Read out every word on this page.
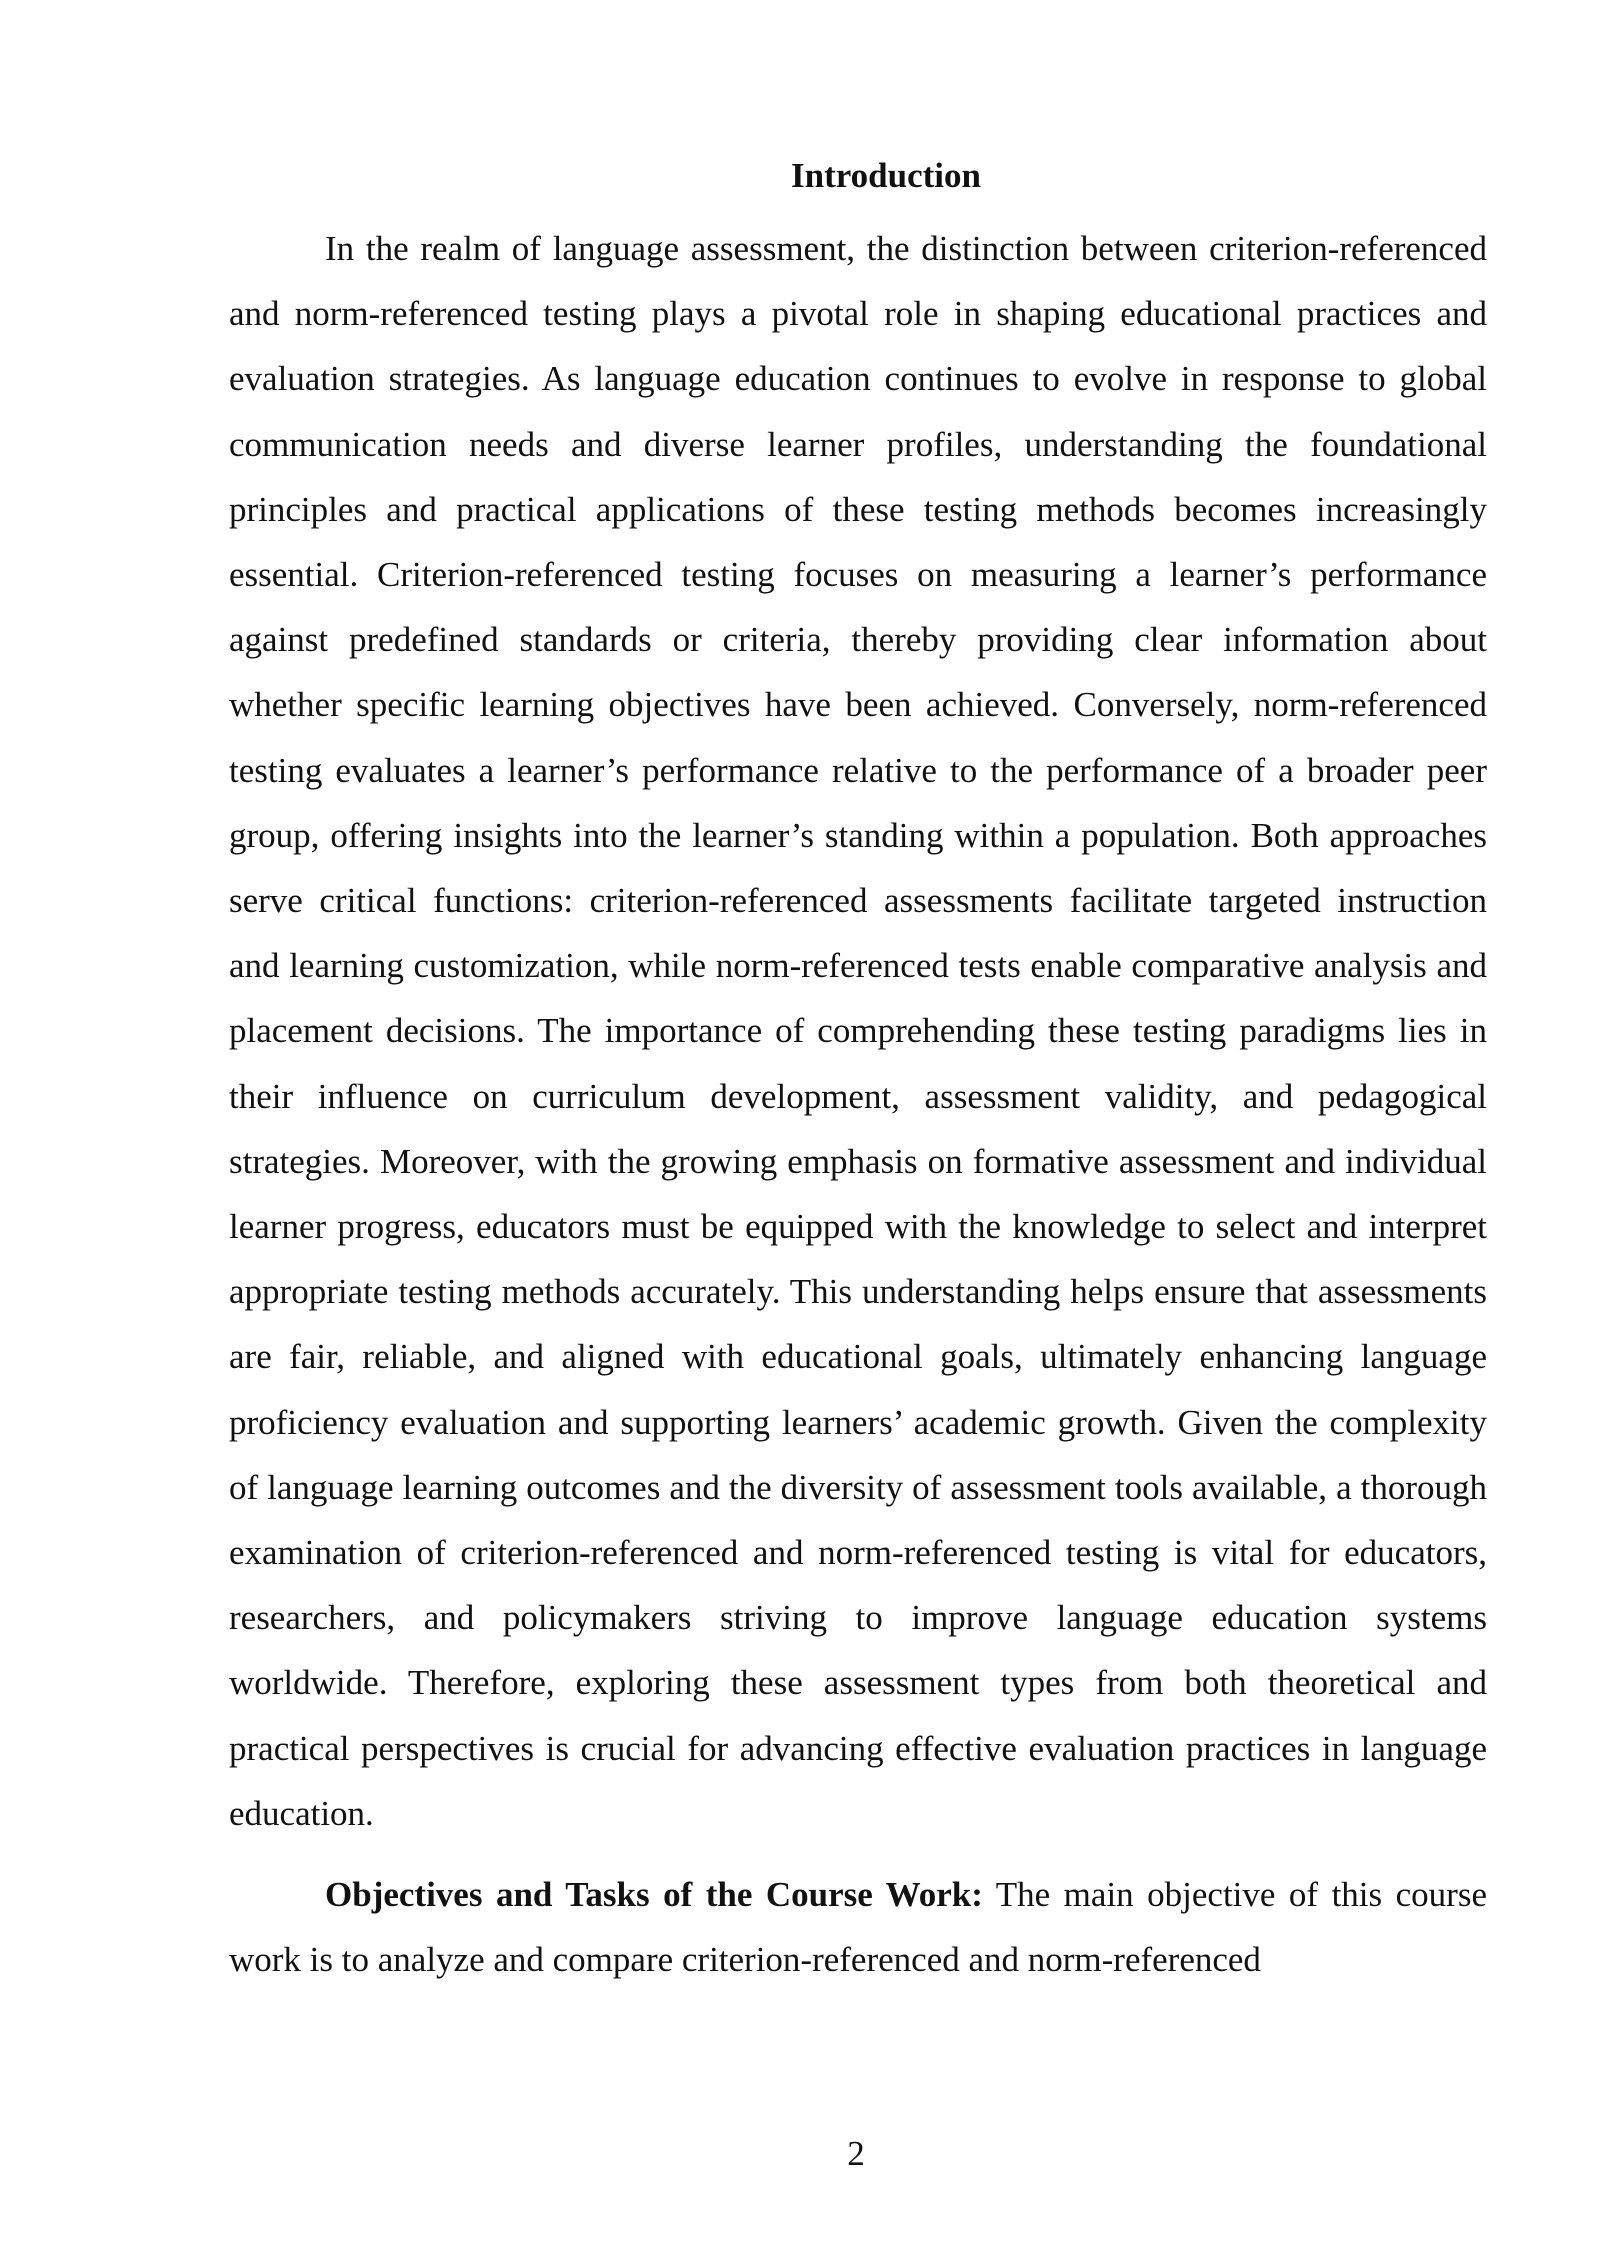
Introduction

In the realm of language assessment, the distinction between criterion-referenced and norm-referenced testing plays a pivotal role in shaping educational practices and evaluation strategies. As language education continues to evolve in response to global communication needs and diverse learner profiles, understanding the foundational principles and practical applications of these testing methods becomes increasingly essential. Criterion-referenced testing focuses on measuring a learner’s performance against predefined standards or criteria, thereby providing clear information about whether specific learning objectives have been achieved. Conversely, norm-referenced testing evaluates a learner’s performance relative to the performance of a broader peer group, offering insights into the learner’s standing within a population. Both approaches serve critical functions: criterion-referenced assessments facilitate targeted instruction and learning customization, while norm-referenced tests enable comparative analysis and placement decisions. The importance of comprehending these testing paradigms lies in their influence on curriculum development, assessment validity, and pedagogical strategies. Moreover, with the growing emphasis on formative assessment and individual learner progress, educators must be equipped with the knowledge to select and interpret appropriate testing methods accurately. This understanding helps ensure that assessments are fair, reliable, and aligned with educational goals, ultimately enhancing language proficiency evaluation and supporting learners’ academic growth. Given the complexity of language learning outcomes and the diversity of assessment tools available, a thorough examination of criterion-referenced and norm-referenced testing is vital for educators, researchers, and policymakers striving to improve language education systems worldwide. Therefore, exploring these assessment types from both theoretical and practical perspectives is crucial for advancing effective evaluation practices in language education.

Objectives and Tasks of the Course Work: The main objective of this course work is to analyze and compare criterion-referenced and norm-referenced

2
